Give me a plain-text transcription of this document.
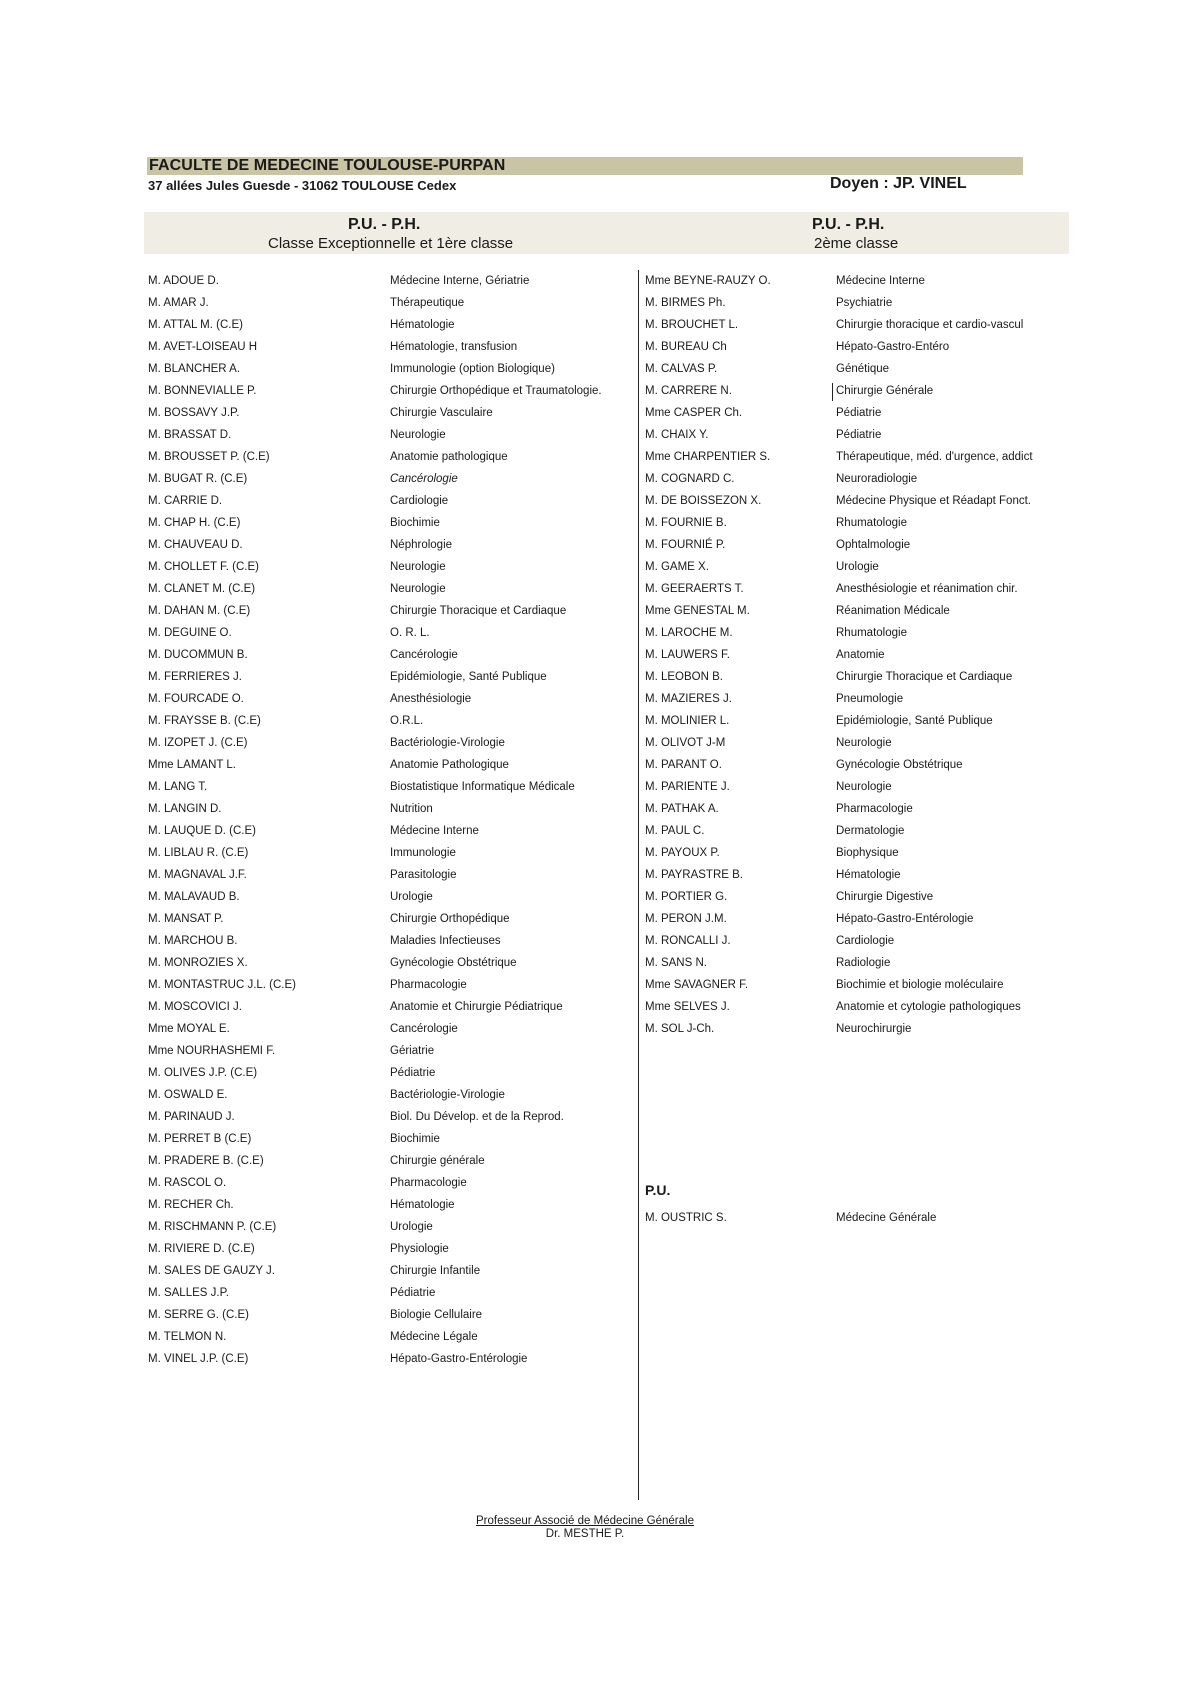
FACULTE DE MEDECINE TOULOUSE-PURPAN
37 allées Jules Guesde - 31062 TOULOUSE Cedex	Doyen : JP. VINEL
P.U. - P.H.
Classe Exceptionnelle et 1ère classe
P.U. - P.H.
2ème classe
M. ADOUE D.	Médecine Interne, Gériatrie
M. AMAR J.	Thérapeutique
M. ATTAL M. (C.E)	Hématologie
M. AVET-LOISEAU H	Hématologie, transfusion
M. BLANCHER A.	Immunologie (option Biologique)
M. BONNEVIALLE P.	Chirurgie Orthopédique et Traumatologie.
M. BOSSAVY J.P.	Chirurgie Vasculaire
M. BRASSAT D.	Neurologie
M. BROUSSET P. (C.E)	Anatomie pathologique
M. BUGAT R. (C.E)	Cancérologie
M. CARRIE D.	Cardiologie
M. CHAP H. (C.E)	Biochimie
M. CHAUVEAU D.	Néphrologie
M. CHOLLET F. (C.E)	Neurologie
M. CLANET M. (C.E)	Neurologie
M. DAHAN M. (C.E)	Chirurgie Thoracique et Cardiaque
M. DEGUINE O.	O. R. L.
M. DUCOMMUN B.	Cancérologie
M. FERRIERES J.	Epidémiologie, Santé Publique
M. FOURCADE O.	Anesthésiologie
M. FRAYSSE B. (C.E)	O.R.L.
M. IZOPET J. (C.E)	Bactériologie-Virologie
Mme LAMANT L.	Anatomie Pathologique
M. LANG T.	Biostatistique Informatique Médicale
M. LANGIN D.	Nutrition
M. LAUQUE D. (C.E)	Médecine Interne
M. LIBLAU R. (C.E)	Immunologie
M. MAGNAVAL J.F.	Parasitologie
M. MALAVAUD B.	Urologie
M. MANSAT P.	Chirurgie Orthopédique
M. MARCHOU B.	Maladies Infectieuses
M. MONROZIES X.	Gynécologie Obstétrique
M. MONTASTRUC J.L. (C.E)	Pharmacologie
M. MOSCOVICI J.	Anatomie et Chirurgie Pédiatrique
Mme MOYAL E.	Cancérologie
Mme NOURHASHEMI F.	Gériatrie
M. OLIVES J.P. (C.E)	Pédiatrie
M. OSWALD E.	Bactériologie-Virologie
M. PARINAUD J.	Biol. Du Dévelop. et de la Reprod.
M. PERRET B (C.E)	Biochimie
M. PRADERE B. (C.E)	Chirurgie générale
M. RASCOL O.	Pharmacologie
M. RECHER Ch.	Hématologie
M. RISCHMANN P. (C.E)	Urologie
M. RIVIERE D. (C.E)	Physiologie
M. SALES DE GAUZY J.	Chirurgie Infantile
M. SALLES J.P.	Pédiatrie
M. SERRE G. (C.E)	Biologie Cellulaire
M. TELMON N.	Médecine Légale
M. VINEL J.P. (C.E)	Hépato-Gastro-Entérologie
Mme BEYNE-RAUZY O.	Médecine Interne
M. BIRMES Ph.	Psychiatrie
M. BROUCHET L.	Chirurgie thoracique et cardio-vascul
M. BUREAU Ch	Hépato-Gastro-Entéro
M. CALVAS P.	Génétique
M. CARRERE N.	Chirurgie Générale
Mme CASPER Ch.	Pédiatrie
M. CHAIX Y.	Pédiatrie
Mme CHARPENTIER S.	Thérapeutique, méd. d'urgence, addict
M. COGNARD C.	Neuroradiologie
M. DE BOISSEZON X.	Médecine Physique et Réadapt Fonct.
M. FOURNIE B.	Rhumatologie
M. FOURNIÉ P.	Ophtalmologie
M. GAME X.	Urologie
M. GEERAERTS T.	Anesthésiologie et réanimation chir.
Mme GENESTAL M.	Réanimation Médicale
M. LAROCHE M.	Rhumatologie
M. LAUWERS F.	Anatomie
M. LEOBON B.	Chirurgie Thoracique et Cardiaque
M. MAZIERES J.	Pneumologie
M. MOLINIER L.	Epidémiologie, Santé Publique
M. OLIVOT J-M	Neurologie
M. PARANT O.	Gynécologie Obstétrique
M. PARIENTE J.	Neurologie
M. PATHAK A.	Pharmacologie
M. PAUL C.	Dermatologie
M. PAYOUX P.	Biophysique
M. PAYRASTRE B.	Hématologie
M. PORTIER G.	Chirurgie Digestive
M. PERON J.M.	Hépato-Gastro-Entérologie
M. RONCALLI J.	Cardiologie
M. SANS N.	Radiologie
Mme SAVAGNER F.	Biochimie et biologie moléculaire
Mme SELVES J.	Anatomie et cytologie pathologiques
M. SOL J-Ch.	Neurochirurgie
P.U.
M. OUSTRIC S.	Médecine Générale
Professeur Associé de Médecine Générale
Dr. MESTHE P.
